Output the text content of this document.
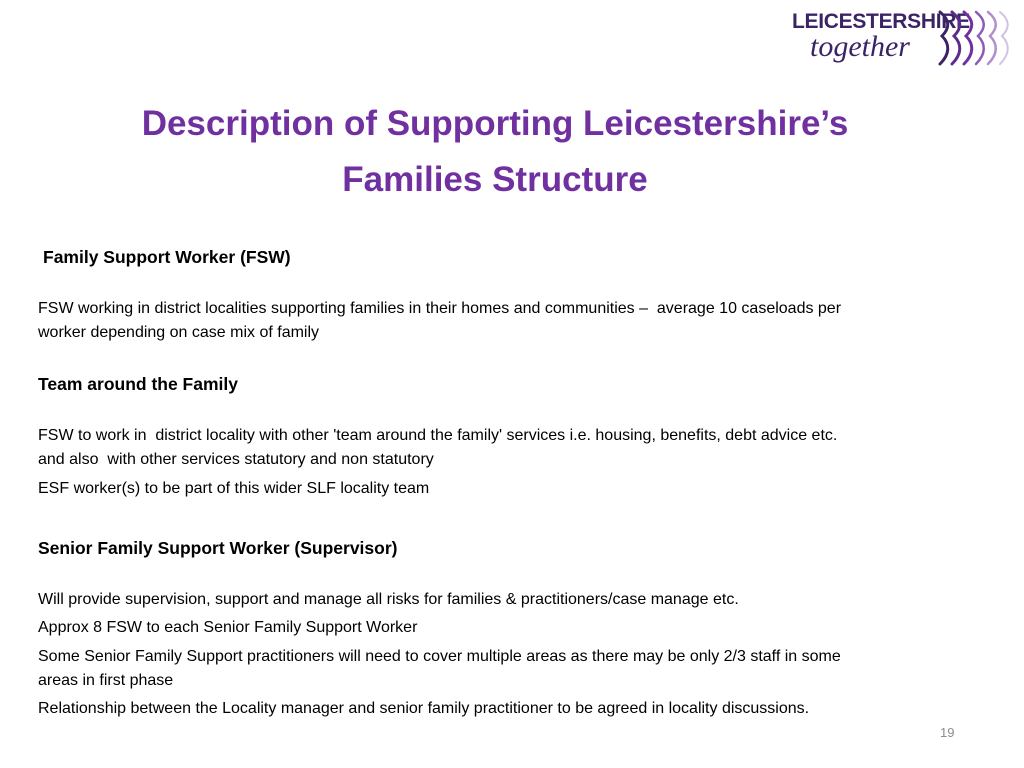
LEICESTERSHIRE
together
Description of Supporting Leicestershire’s
Families Structure
Family Support Worker (FSW)
FSW working in district localities supporting families in their homes and communities –  average 10 caseloads per
worker depending on case mix of family
Team around the Family
FSW to work in  district locality with other 'team around the family' services i.e. housing, benefits, debt advice etc.
and also  with other services statutory and non statutory
ESF worker(s) to be part of this wider SLF locality team
Senior Family Support Worker (Supervisor)
Will provide supervision, support and manage all risks for families & practitioners/case manage etc.
Approx 8 FSW to each Senior Family Support Worker
Some Senior Family Support practitioners will need to cover multiple areas as there may be only 2/3 staff in some
areas in first phase
Relationship between the Locality manager and senior family practitioner to be agreed in locality discussions.
19
